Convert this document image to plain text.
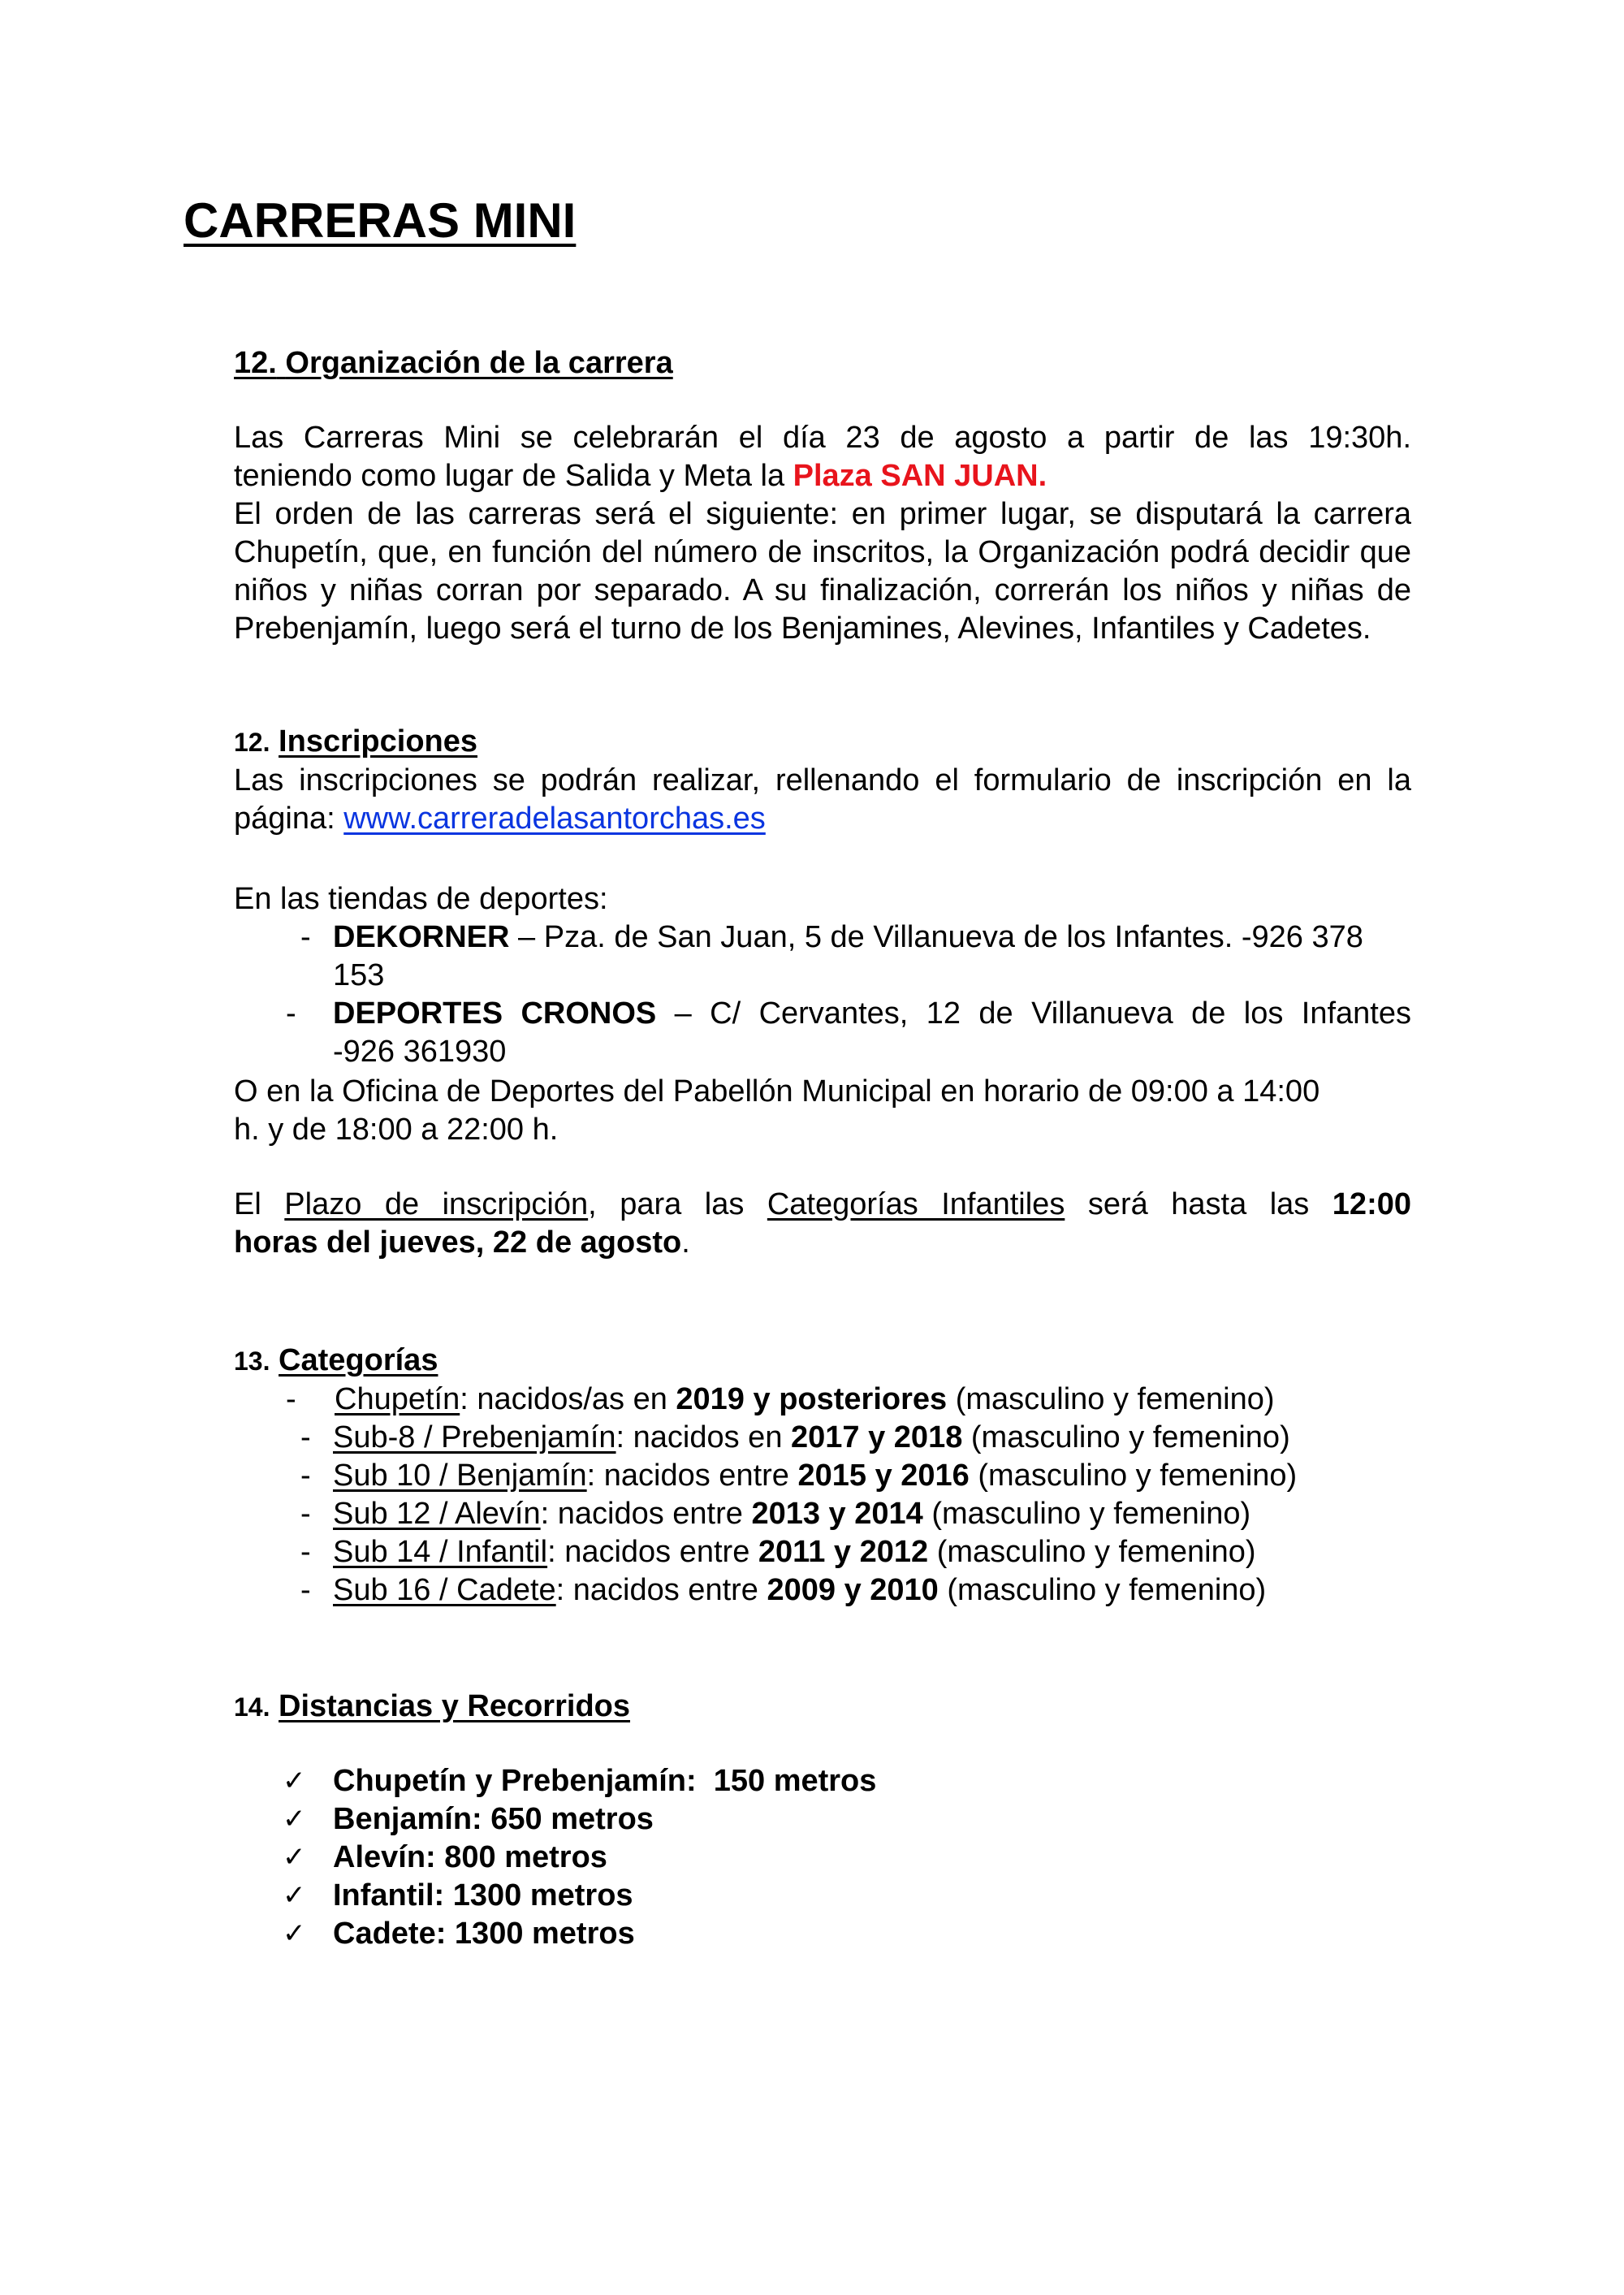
CARRERAS MINI
12. Organización de la carrera
Las Carreras Mini se celebrarán el día 23 de agosto a partir de las 19:30h.
teniendo como lugar de Salida y Meta la Plaza SAN JUAN.
El orden de las carreras será el siguiente: en primer lugar, se disputará la carrera Chupetín, que, en función del número de inscritos, la Organización podrá decidir que niños y niñas corran por separado. A su finalización, correrán los niños y niñas de Prebenjamín, luego será el turno de los Benjamines, Alevines, Infantiles y Cadetes.
12. Inscripciones
Las inscripciones se podrán realizar, rellenando el formulario de inscripción en la
página: www.carreradelasantorchas.es
En las tiendas de deportes:
- DEKORNER – Pza. de San Juan, 5 de Villanueva de los Infantes. -926 378 153
- DEPORTES CRONOS – C/ Cervantes, 12 de Villanueva de los Infantes
-926 361930
O en la Oficina de Deportes del Pabellón Municipal en horario de 09:00 a 14:00
h. y de 18:00 a 22:00 h.
El Plazo de inscripción, para las Categorías Infantiles será hasta las 12:00
horas del jueves, 22 de agosto.
13. Categorías
- Chupetín: nacidos/as en 2019 y posteriores (masculino y femenino)
- Sub-8 / Prebenjamín: nacidos en 2017 y 2018 (masculino y femenino)
- Sub 10 / Benjamín: nacidos entre 2015 y 2016 (masculino y femenino)
- Sub 12 / Alevín: nacidos entre 2013 y 2014 (masculino y femenino)
- Sub 14 / Infantil: nacidos entre 2011 y 2012 (masculino y femenino)
- Sub 16 / Cadete: nacidos entre 2009 y 2010 (masculino y femenino)
14. Distancias y Recorridos
✓ Chupetín y Prebenjamín:  150 metros
✓ Benjamín: 650 metros
✓ Alevín: 800 metros
✓ Infantil: 1300 metros
✓ Cadete: 1300 metros
